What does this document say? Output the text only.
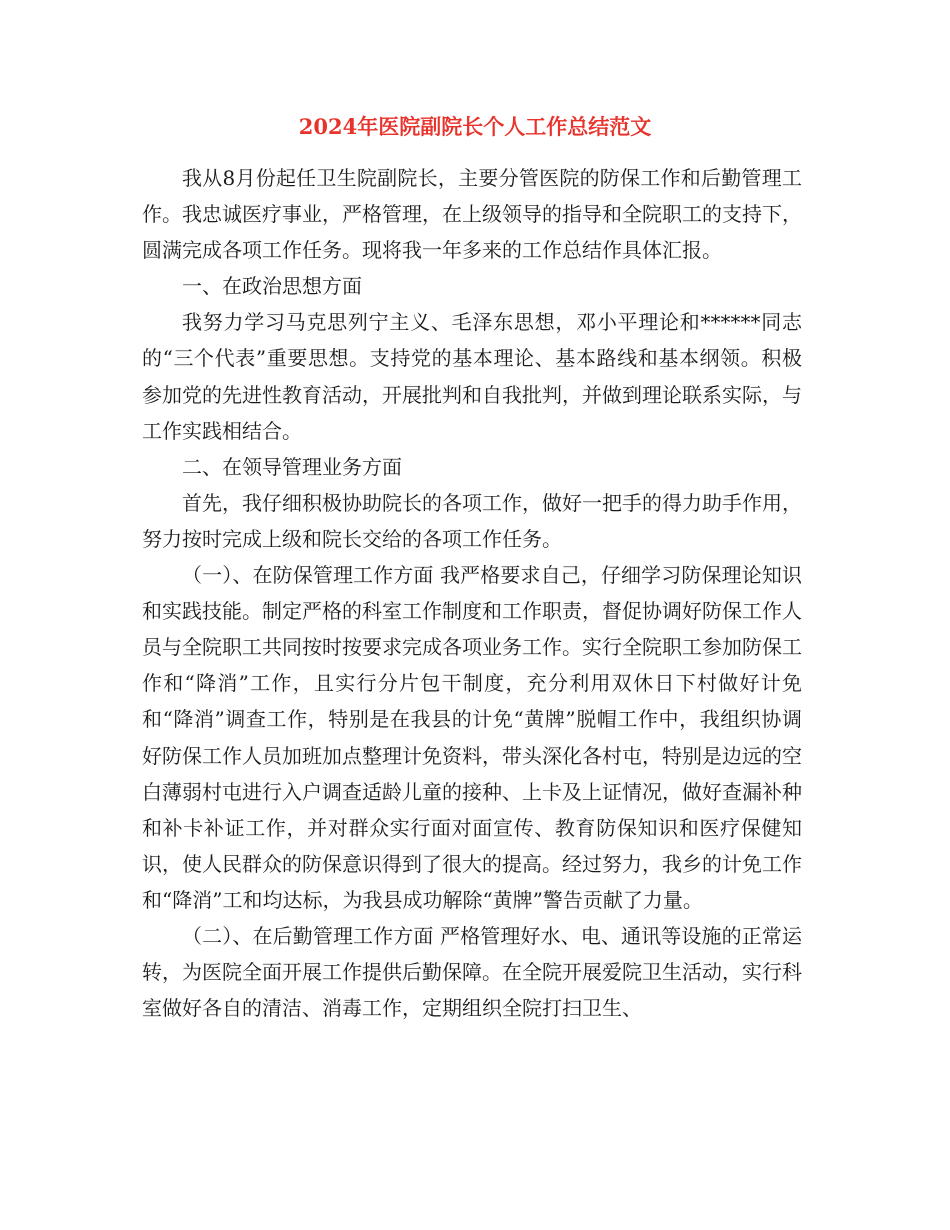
2024年医院副院长个人工作总结范文

我从8月份起任卫生院副院长，主要分管医院的防保工作和后勤管理工作。我忠诚医疗事业，严格管理，在上级领导的指导和全院职工的支持下，圆满完成各项工作任务。现将我一年多来的工作总结作具体汇报。

一、在政治思想方面

我努力学习马克思列宁主义、毛泽东思想，邓小平理论和******同志的“三个代表”重要思想。支持党的基本理论、基本路线和基本纲领。积极参加党的先进性教育活动，开展批判和自我批判，并做到理论联系实际，与工作实践相结合。

二、在领导管理业务方面

首先，我仔细积极协助院长的各项工作，做好一把手的得力助手作用，努力按时完成上级和院长交给的各项工作任务。

（一）、在防保管理工作方面 我严格要求自己，仔细学习防保理论知识和实践技能。制定严格的科室工作制度和工作职责，督促协调好防保工作人员与全院职工共同按时按要求完成各项业务工作。实行全院职工参加防保工作和“降消”工作，且实行分片包干制度，充分利用双休日下村做好计免和“降消”调查工作，特别是在我县的计免“黄牌”脱帽工作中，我组织协调好防保工作人员加班加点整理计免资料，带头深化各村屯，特别是边远的空白薄弱村屯进行入户调查适龄儿童的接种、上卡及上证情况，做好查漏补种和补卡补证工作，并对群众实行面对面宣传、教育防保知识和医疗保健知识，使人民群众的防保意识得到了很大的提高。经过努力，我乡的计免工作和“降消”工和均达标，为我县成功解除“黄牌”警告贡献了力量。

（二）、在后勤管理工作方面 严格管理好水、电、通讯等设施的正常运转，为医院全面开展工作提供后勤保障。在全院开展爱院卫生活动，实行科室做好各自的清洁、消毒工作，定期组织全院打扫卫生、
